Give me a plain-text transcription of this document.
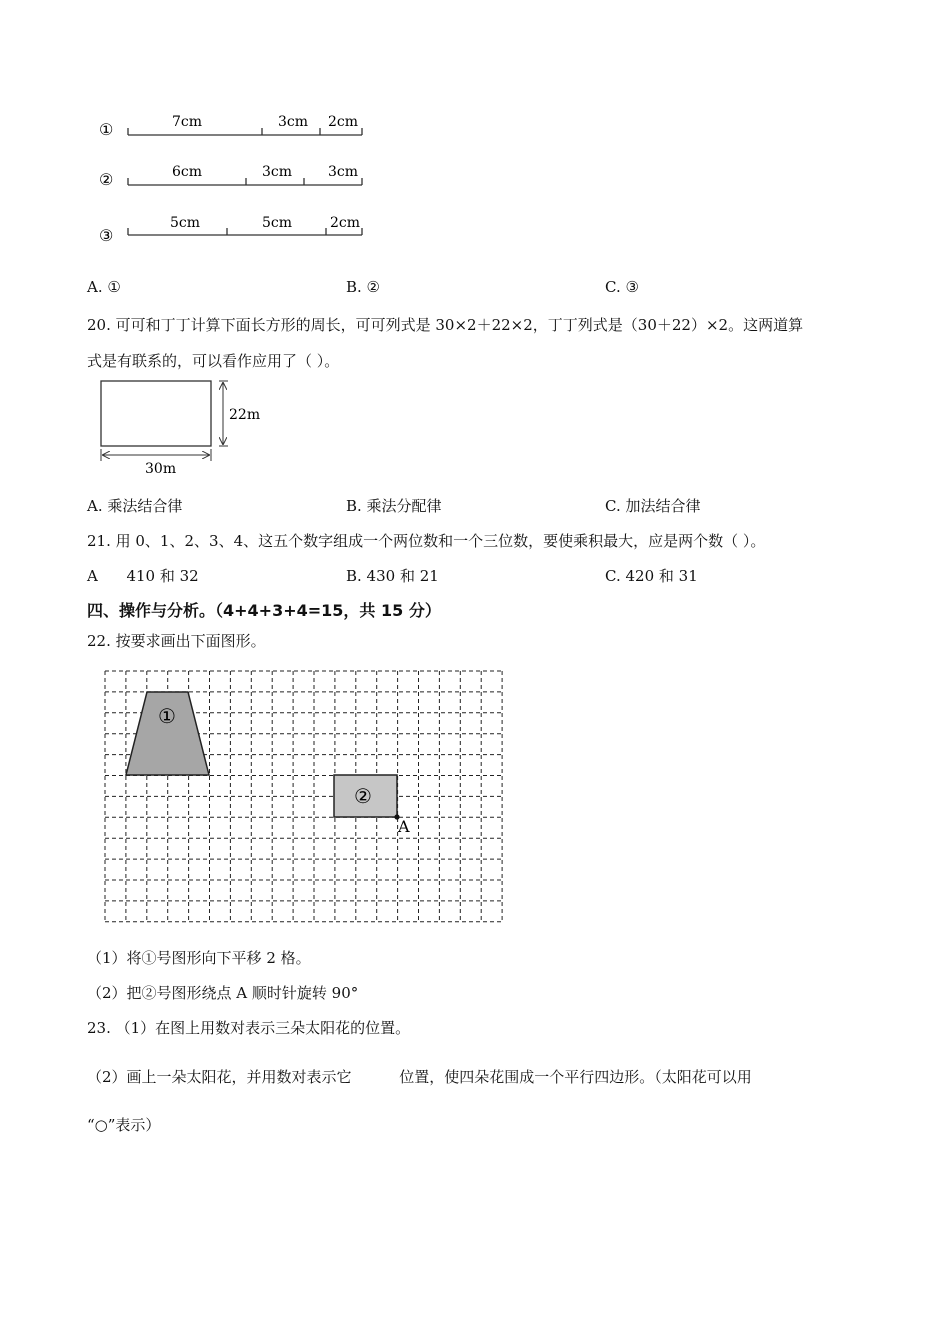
①	7cm	3cm 2cm
②	6cm	3cm	3cm
③
5cm	5cm	2cm
A. ①	B. ②	C. ③
20. 可可和丁丁计算下面长方形的周长，可可列式是 30×2＋22×2，丁丁列式是（30＋22）×2。这两道算
式是有联系的，可以看作应用了（ ）。
22m
30m
A. 乘法结合律	B. 乘法分配律	C. 加法结合律
21. 用 0、1、2、3、4、这五个数字组成一个两位数和一个三位数，要使乘积最大，应是两个数（ ）。
A      410 和 32	B. 430 和 21	C. 420 和 31
四、操作与分析。（4+4+3+4=15，共 15 分）
22. 按要求画出下面图形。
①
②
A
（1）将①号图形向下平移 2 格。
（2）把②号图形绕点 A 顺时针旋转 90°
23. （1）在图上用数对表示三朵太阳花的位置。
（2）画上一朵太阳花，并用数对表示它          位置，使四朵花围成一个平行四边形。（太阳花可以用
“○”表示）
